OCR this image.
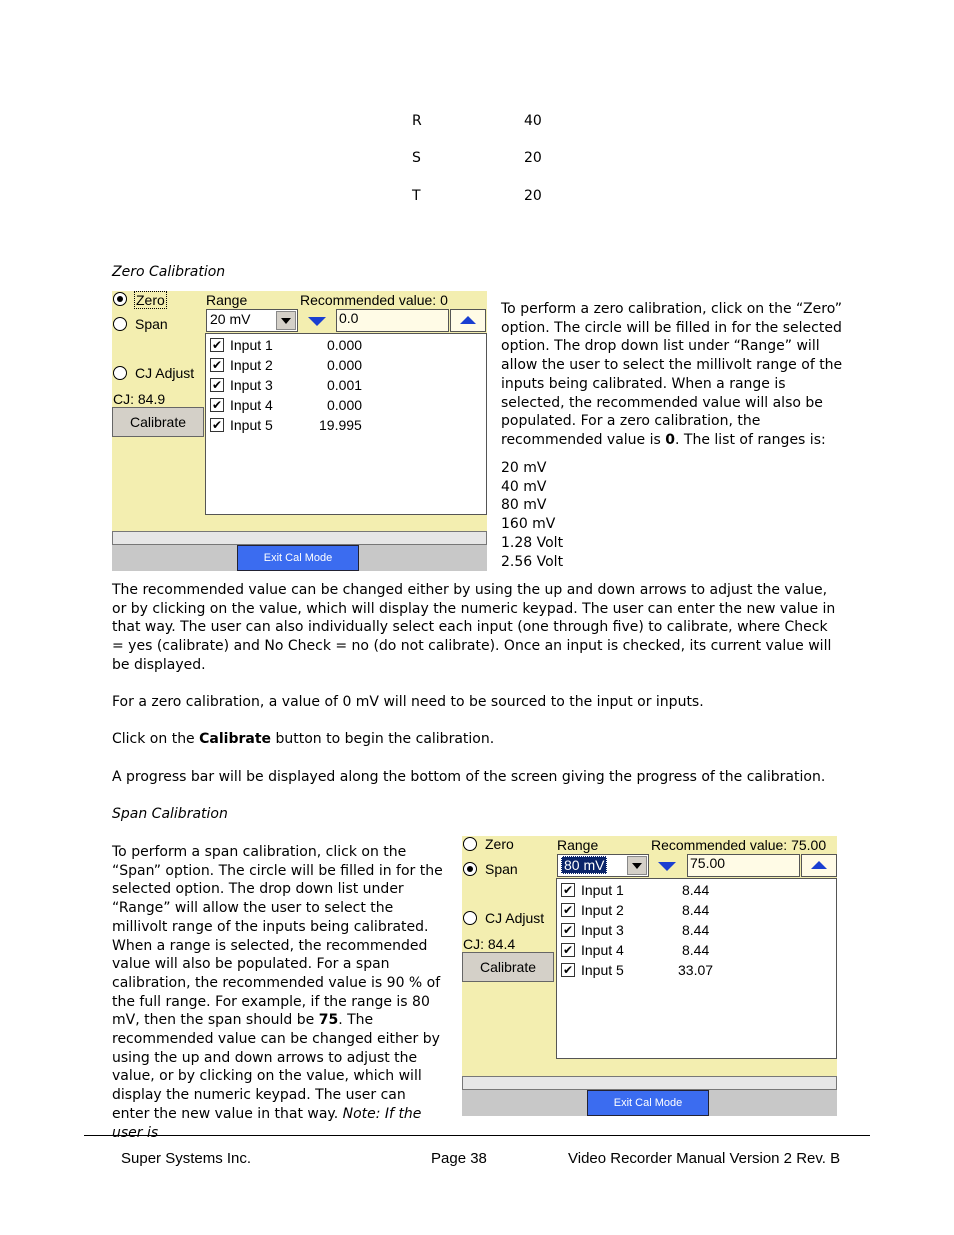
R	40
S	20
T	20
Zero Calibration
Zero
Span
CJ Adjust
CJ: 84.9
Calibrate
Range	Recommended value: 0
20 mV	0.0
✔ Input 1	0.000
✔ Input 2	0.000
✔ Input 3	0.001
✔ Input 4	0.000
✔ Input 5	19.995
Exit Cal Mode

To perform a zero calibration, click on the “Zero” option. The circle will be filled in for the selected option. The drop down list under “Range” will allow the user to select the millivolt range of the inputs being calibrated. When a range is selected, the recommended value will also be populated. For a zero calibration, the recommended value is 0. The list of ranges is:

20 mV
40 mV
80 mV
160 mV
1.28 Volt
2.56 Volt

The recommended value can be changed either by using the up and down arrows to adjust the value, or by clicking on the value, which will display the numeric keypad. The user can enter the new value in that way. The user can also individually select each input (one through five) to calibrate, where Check = yes (calibrate) and No Check = no (do not calibrate). Once an input is checked, its current value will be displayed.

For a zero calibration, a value of 0 mV will need to be sourced to the input or inputs.

Click on the Calibrate button to begin the calibration.

A progress bar will be displayed along the bottom of the screen giving the progress of the calibration.

Span Calibration

To perform a span calibration, click on the “Span” option. The circle will be filled in for the selected option. The drop down list under “Range” will allow the user to select the millivolt range of the inputs being calibrated. When a range is selected, the recommended value will also be populated. For a span calibration, the recommended value is 90 % of the full range. For example, if the range is 80 mV, then the span should be 75. The recommended value can be changed either by using the up and down arrows to adjust the value, or by clicking on the value, which will display the numeric keypad. The user can enter the new value in that way. Note: If the user is

Zero
Span
CJ Adjust
CJ: 84.4
Calibrate
Range	Recommended value: 75.00
80 mV	75.00
✔ Input 1	8.44
✔ Input 2	8.44
✔ Input 3	8.44
✔ Input 4	8.44
✔ Input 5	33.07
Exit Cal Mode
Super Systems Inc.	Page 38	Video Recorder Manual Version 2 Rev. B
